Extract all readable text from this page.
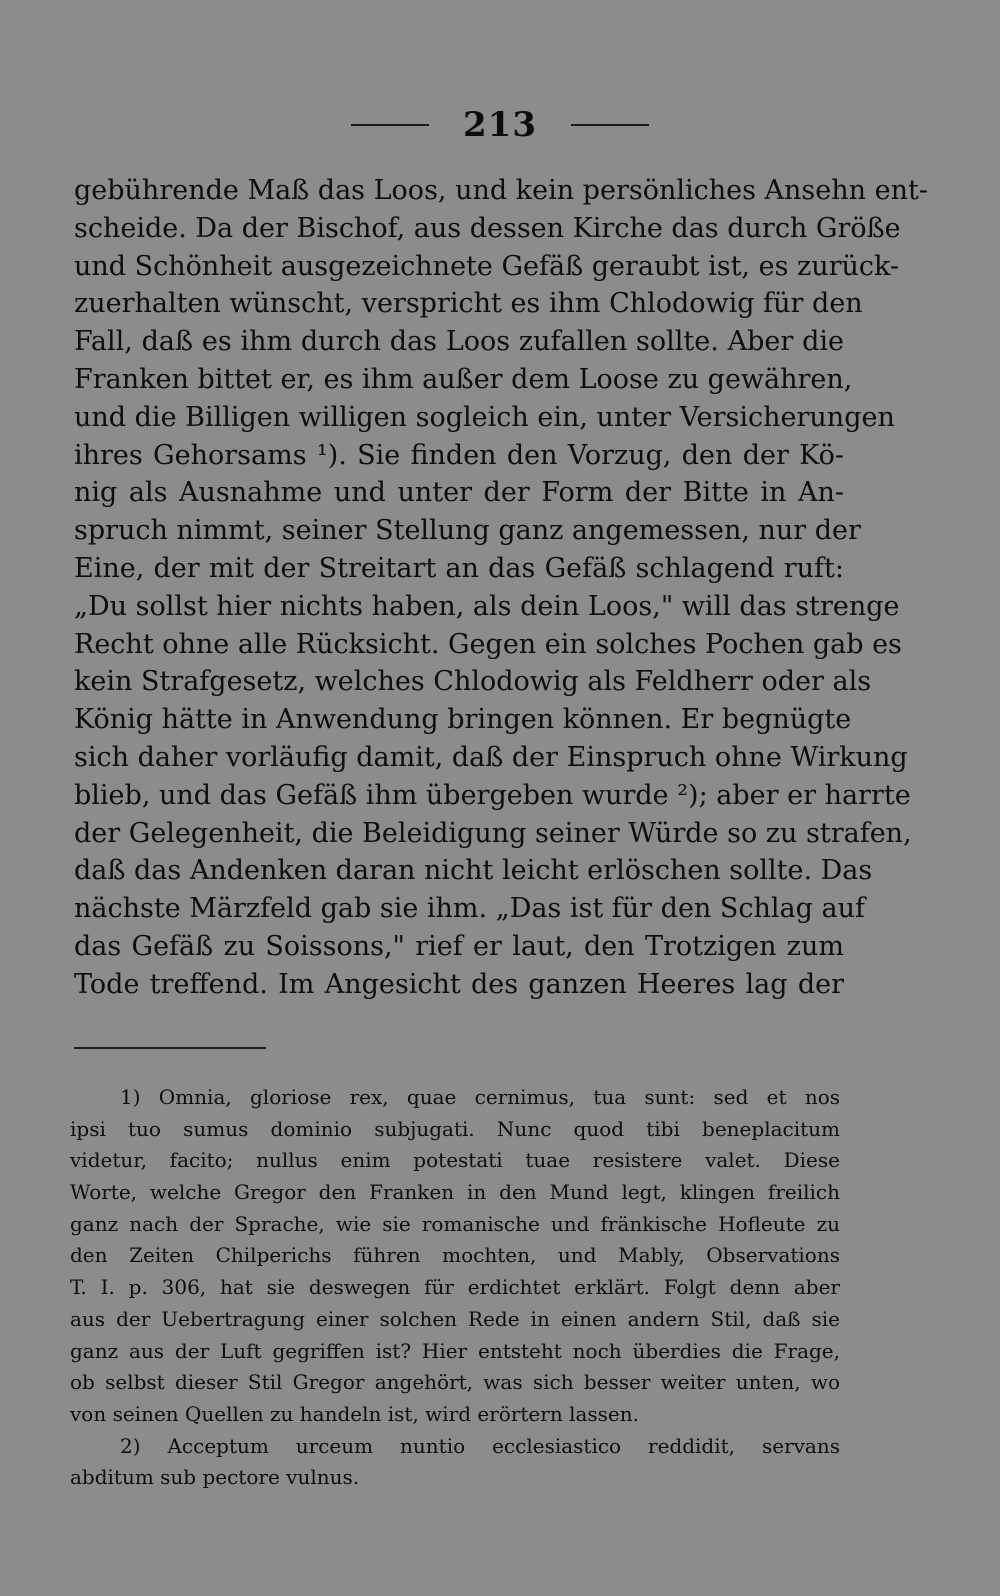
213
gebührende Maß das Loos, und kein persönliches Ansehn ent-
scheide. Da der Bischof, aus dessen Kirche das durch Größe
und Schönheit ausgezeichnete Gefäß geraubt ist, es zurück-
zuerhalten wünscht, verspricht es ihm Chlodowig für den
Fall, daß es ihm durch das Loos zufallen sollte. Aber die
Franken bittet er, es ihm außer dem Loose zu gewähren,
und die Billigen willigen sogleich ein, unter Versicherungen
ihres Gehorsams ¹). Sie finden den Vorzug, den der Kö-
nig als Ausnahme und unter der Form der Bitte in An-
spruch nimmt, seiner Stellung ganz angemessen, nur der
Eine, der mit der Streitart an das Gefäß schlagend ruft:
„Du sollst hier nichts haben, als dein Loos," will das strenge
Recht ohne alle Rücksicht. Gegen ein solches Pochen gab es
kein Strafgesetz, welches Chlodowig als Feldherr oder als
König hätte in Anwendung bringen können. Er begnügte
sich daher vorläufig damit, daß der Einspruch ohne Wirkung
blieb, und das Gefäß ihm übergeben wurde ²); aber er harrte
der Gelegenheit, die Beleidigung seiner Würde so zu strafen,
daß das Andenken daran nicht leicht erlöschen sollte. Das
nächste Märzfeld gab sie ihm. „Das ist für den Schlag auf
das Gefäß zu Soissons," rief er laut, den Trotzigen zum
Tode treffend. Im Angesicht des ganzen Heeres lag der
1) Omnia, gloriose rex, quae cernimus, tua sunt: sed et nos
ipsi tuo sumus dominio subjugati. Nunc quod tibi beneplacitum
videtur, facito; nullus enim potestati tuae resistere valet. Diese
Worte, welche Gregor den Franken in den Mund legt, klingen freilich
ganz nach der Sprache, wie sie romanische und fränkische Hofleute zu
den Zeiten Chilperichs führen mochten, und Mably, Observations
T. I. p. 306, hat sie deswegen für erdichtet erklärt. Folgt denn aber
aus der Uebertragung einer solchen Rede in einen andern Stil, daß sie
ganz aus der Luft gegriffen ist? Hier entsteht noch überdies die Frage,
ob selbst dieser Stil Gregor angehört, was sich besser weiter unten, wo
von seinen Quellen zu handeln ist, wird erörtern lassen.
2) Acceptum urceum nuntio ecclesiastico reddidit, servans
abditum sub pectore vulnus.
